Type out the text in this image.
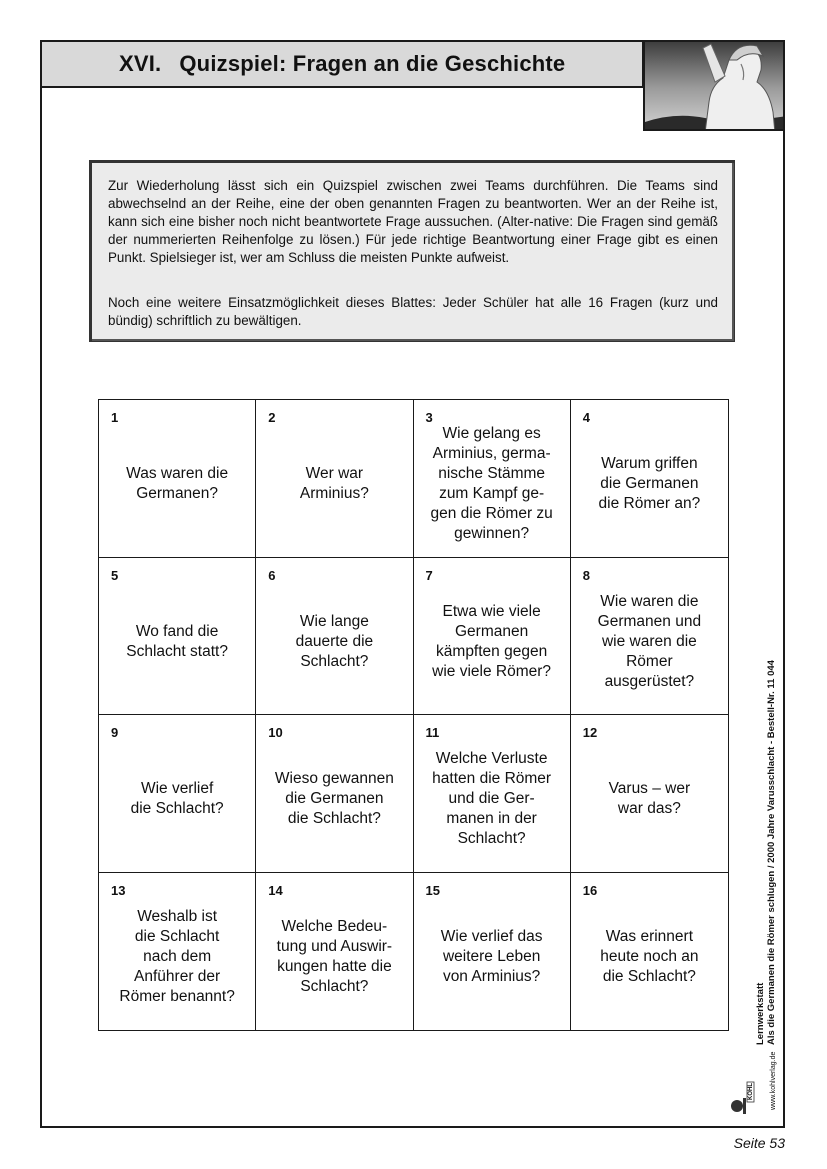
XVI. Quizspiel: Fragen an die Geschichte

Zur Wiederholung lässt sich ein Quizspiel zwischen zwei Teams durchführen. Die Teams sind abwechselnd an der Reihe, eine der oben genannten Fragen zu beantworten. Wer an der Reihe ist, kann sich eine bisher noch nicht beantwortete Frage aussuchen. (Alter-native: Die Fragen sind gemäß der nummerierten Reihenfolge zu lösen.) Für jede richtige Beantwortung einer Frage gibt es einen Punkt. Spielsieger ist, wer am Schluss die meisten Punkte aufweist.

Noch eine weitere Einsatzmöglichkeit dieses Blattes: Jeder Schüler hat alle 16 Fragen (kurz und bündig) schriftlich zu bewältigen.

1
Was waren die
Germanen?
2
Wer war
Arminius?
3
Wie gelang es
Arminius, germa-
nische Stämme
zum Kampf ge-
gen die Römer zu
gewinnen?
4
Warum griffen
die Germanen
die Römer an?
5
Wo fand die
Schlacht statt?
6
Wie lange
dauerte die
Schlacht?
7
Etwa wie viele
Germanen
kämpften gegen
wie viele Römer?
8
Wie waren die
Germanen und
wie waren die
Römer
ausgerüstet?
9
Wie verlief
die Schlacht?
10
Wieso gewannen
die Germanen
die Schlacht?
11
Welche Verluste
hatten die Römer
und die Ger-
manen in der
Schlacht?
12
Varus – wer
war das?
13
Weshalb ist
die Schlacht
nach dem
Anführer der
Römer benannt?
14
Welche Bedeu-
tung und Auswir-
kungen hatte die
Schlacht?
15
Wie verlief das
weitere Leben
von Arminius?
16
Was erinnert
heute noch an
die Schlacht?
Lernwerkstatt Als die Germanen die Römer schlugen / 2000 Jahre Varusschlacht - Bestell-Nr. 11 044
www.kohlverlag.de
KOHL
Seite 53
